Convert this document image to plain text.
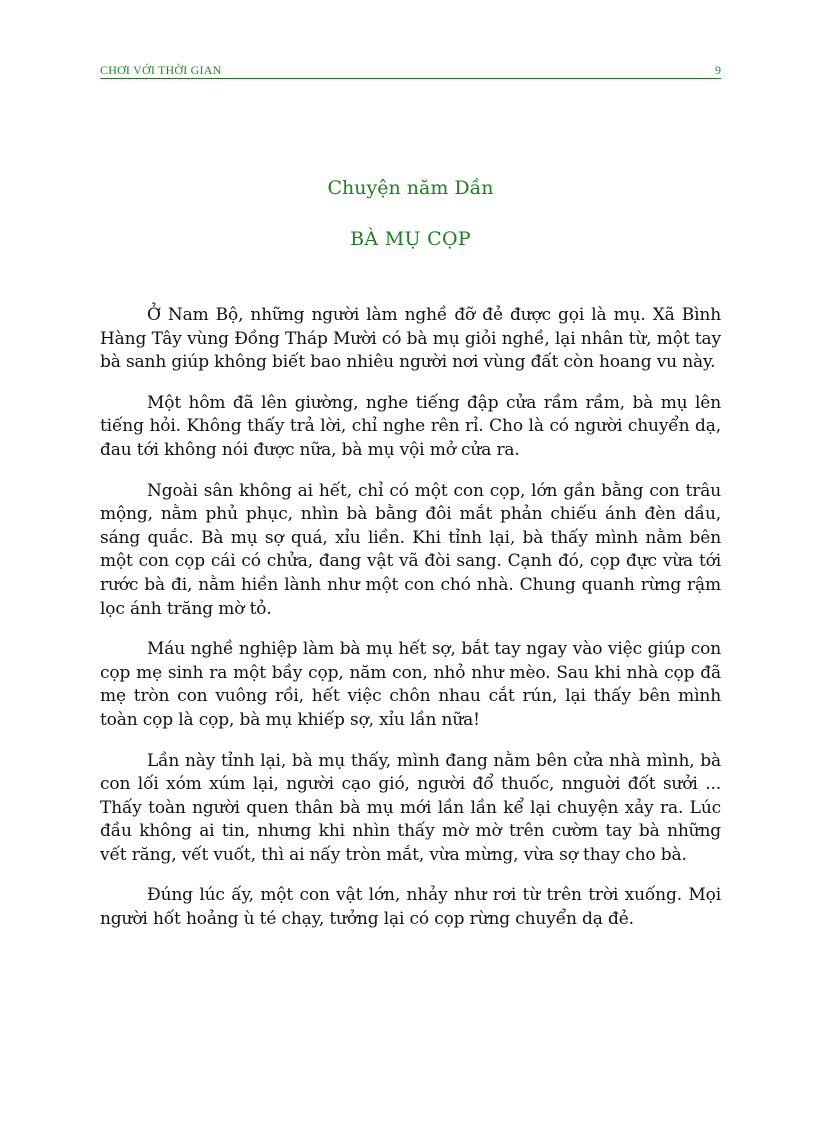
CHƠI VỚI THỜI GIAN	9
Chuyện năm Dần
BÀ MỤ CỌP

Ở Nam Bộ, những người làm nghề đỡ đẻ được gọi là mụ. Xã Bình Hàng Tây vùng Đồng Tháp Mười có bà mụ giỏi nghề, lại nhân từ, một tay bà sanh giúp không biết bao nhiêu người nơi vùng đất còn hoang vu này.

Một hôm đã lên giường, nghe tiếng đập cửa rầm rầm, bà mụ lên tiếng hỏi. Không thấy trả lời, chỉ nghe rên rỉ. Cho là có người chuyển dạ, đau tới không nói được nữa, bà mụ vội mở cửa ra.

Ngoài sân không ai hết, chỉ có một con cọp, lớn gần bằng con trâu mộng, nằm phủ phục, nhìn bà bằng đôi mắt phản chiếu ánh đèn dầu, sáng quắc. Bà mụ sợ quá, xỉu liền. Khi tỉnh lại, bà thấy mình nằm bên một con cọp cái có chửa, đang vật vã đòi sang. Cạnh đó, cọp đực vừa tới rước bà đi, nằm hiền lành như một con chó nhà. Chung quanh rừng rậm lọc ánh trăng mờ tỏ.

Máu nghề nghiệp làm bà mụ hết sợ, bắt tay ngay vào việc giúp con cọp mẹ sinh ra một bầy cọp, năm con, nhỏ như mèo. Sau khi nhà cọp đã mẹ tròn con vuông rồi, hết việc chôn nhau cắt rún, lại thấy bên mình toàn cọp là cọp, bà mụ khiếp sợ, xỉu lần nữa!

Lần này tỉnh lại, bà mụ thấy, mình đang nằm bên cửa nhà mình, bà con lối xóm xúm lại, người cạo gió, người đổ thuốc, nnguời đốt sưởi ... Thấy toàn người quen thân bà mụ mới lần lần kể lại chuyện xảy ra. Lúc đầu không ai tin, nhưng khi nhìn thấy mờ mờ trên cườm tay bà những vết răng, vết vuốt, thì ai nấy tròn mắt, vừa mừng, vừa sợ thay cho bà.

Đúng lúc ấy, một con vật lớn, nhảy như rơi từ trên trời xuống. Mọi người hốt hoảng ù té chạy, tưởng lại có cọp rừng chuyển dạ đẻ.
